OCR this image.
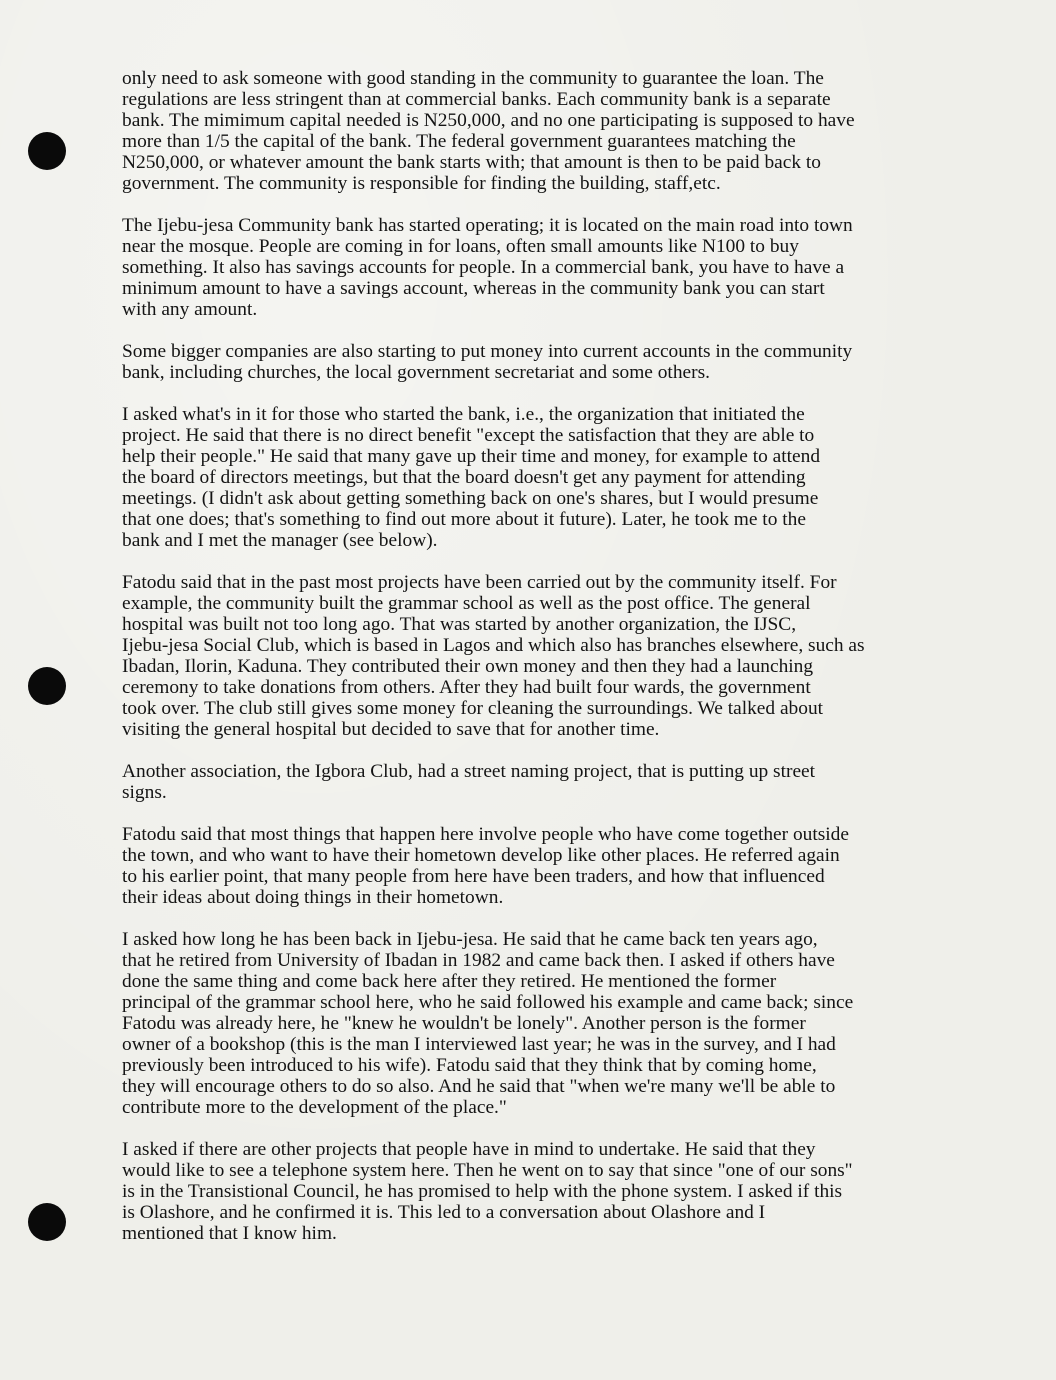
only need to ask someone with good standing in the community to guarantee the loan. The
regulations are less stringent than at commercial banks. Each community bank is a separate
bank. The mimimum capital needed is N250,000, and no one participating is supposed to have
more than 1/5 the capital of the bank. The federal government guarantees matching the
N250,000, or whatever amount the bank starts with; that amount is then to be paid back to
government. The community is responsible for finding the building, staff,etc.

The Ijebu-jesa Community bank has started operating; it is located on the main road into town
near the mosque. People are coming in for loans, often small amounts like N100 to buy
something. It also has savings accounts for people. In a commercial bank, you have to have a
minimum amount to have a savings account, whereas in the community bank you can start
with any amount.

Some bigger companies are also starting to put money into current accounts in the community
bank, including churches, the local government secretariat and some others.

I asked what's in it for those who started the bank, i.e., the organization that initiated the
project. He said that there is no direct benefit "except the satisfaction that they are able to
help their people." He said that many gave up their time and money, for example to attend
the board of directors meetings, but that the board doesn't get any payment for attending
meetings. (I didn't ask about getting something back on one's shares, but I would presume
that one does; that's something to find out more about it future). Later, he took me to the
bank and I met the manager (see below).

Fatodu said that in the past most projects have been carried out by the community itself. For
example, the community built the grammar school as well as the post office. The general
hospital was built not too long ago. That was started by another organization, the IJSC,
Ijebu-jesa Social Club, which is based in Lagos and which also has branches elsewhere, such as
Ibadan, Ilorin, Kaduna. They contributed their own money and then they had a launching
ceremony to take donations from others. After they had built four wards, the government
took over. The club still gives some money for cleaning the surroundings. We talked about
visiting the general hospital but decided to save that for another time.

Another association, the Igbora Club, had a street naming project, that is putting up street
signs.

Fatodu said that most things that happen here involve people who have come together outside
the town, and who want to have their hometown develop like other places. He referred again
to his earlier point, that many people from here have been traders, and how that influenced
their ideas about doing things in their hometown.

I asked how long he has been back in Ijebu-jesa. He said that he came back ten years ago,
that he retired from University of Ibadan in 1982 and came back then. I asked if others have
done the same thing and come back here after they retired. He mentioned the former
principal of the grammar school here, who he said followed his example and came back; since
Fatodu was already here, he "knew he wouldn't be lonely". Another person is the former
owner of a bookshop (this is the man I interviewed last year; he was in the survey, and I had
previously been introduced to his wife). Fatodu said that they think that by coming home,
they will encourage others to do so also. And he said that "when we're many we'll be able to
contribute more to the development of the place."

I asked if there are other projects that people have in mind to undertake. He said that they
would like to see a telephone system here. Then he went on to say that since "one of our sons"
is in the Transistional Council, he has promised to help with the phone system. I asked if this
is Olashore, and he confirmed it is. This led to a conversation about Olashore and I
mentioned that I know him.
